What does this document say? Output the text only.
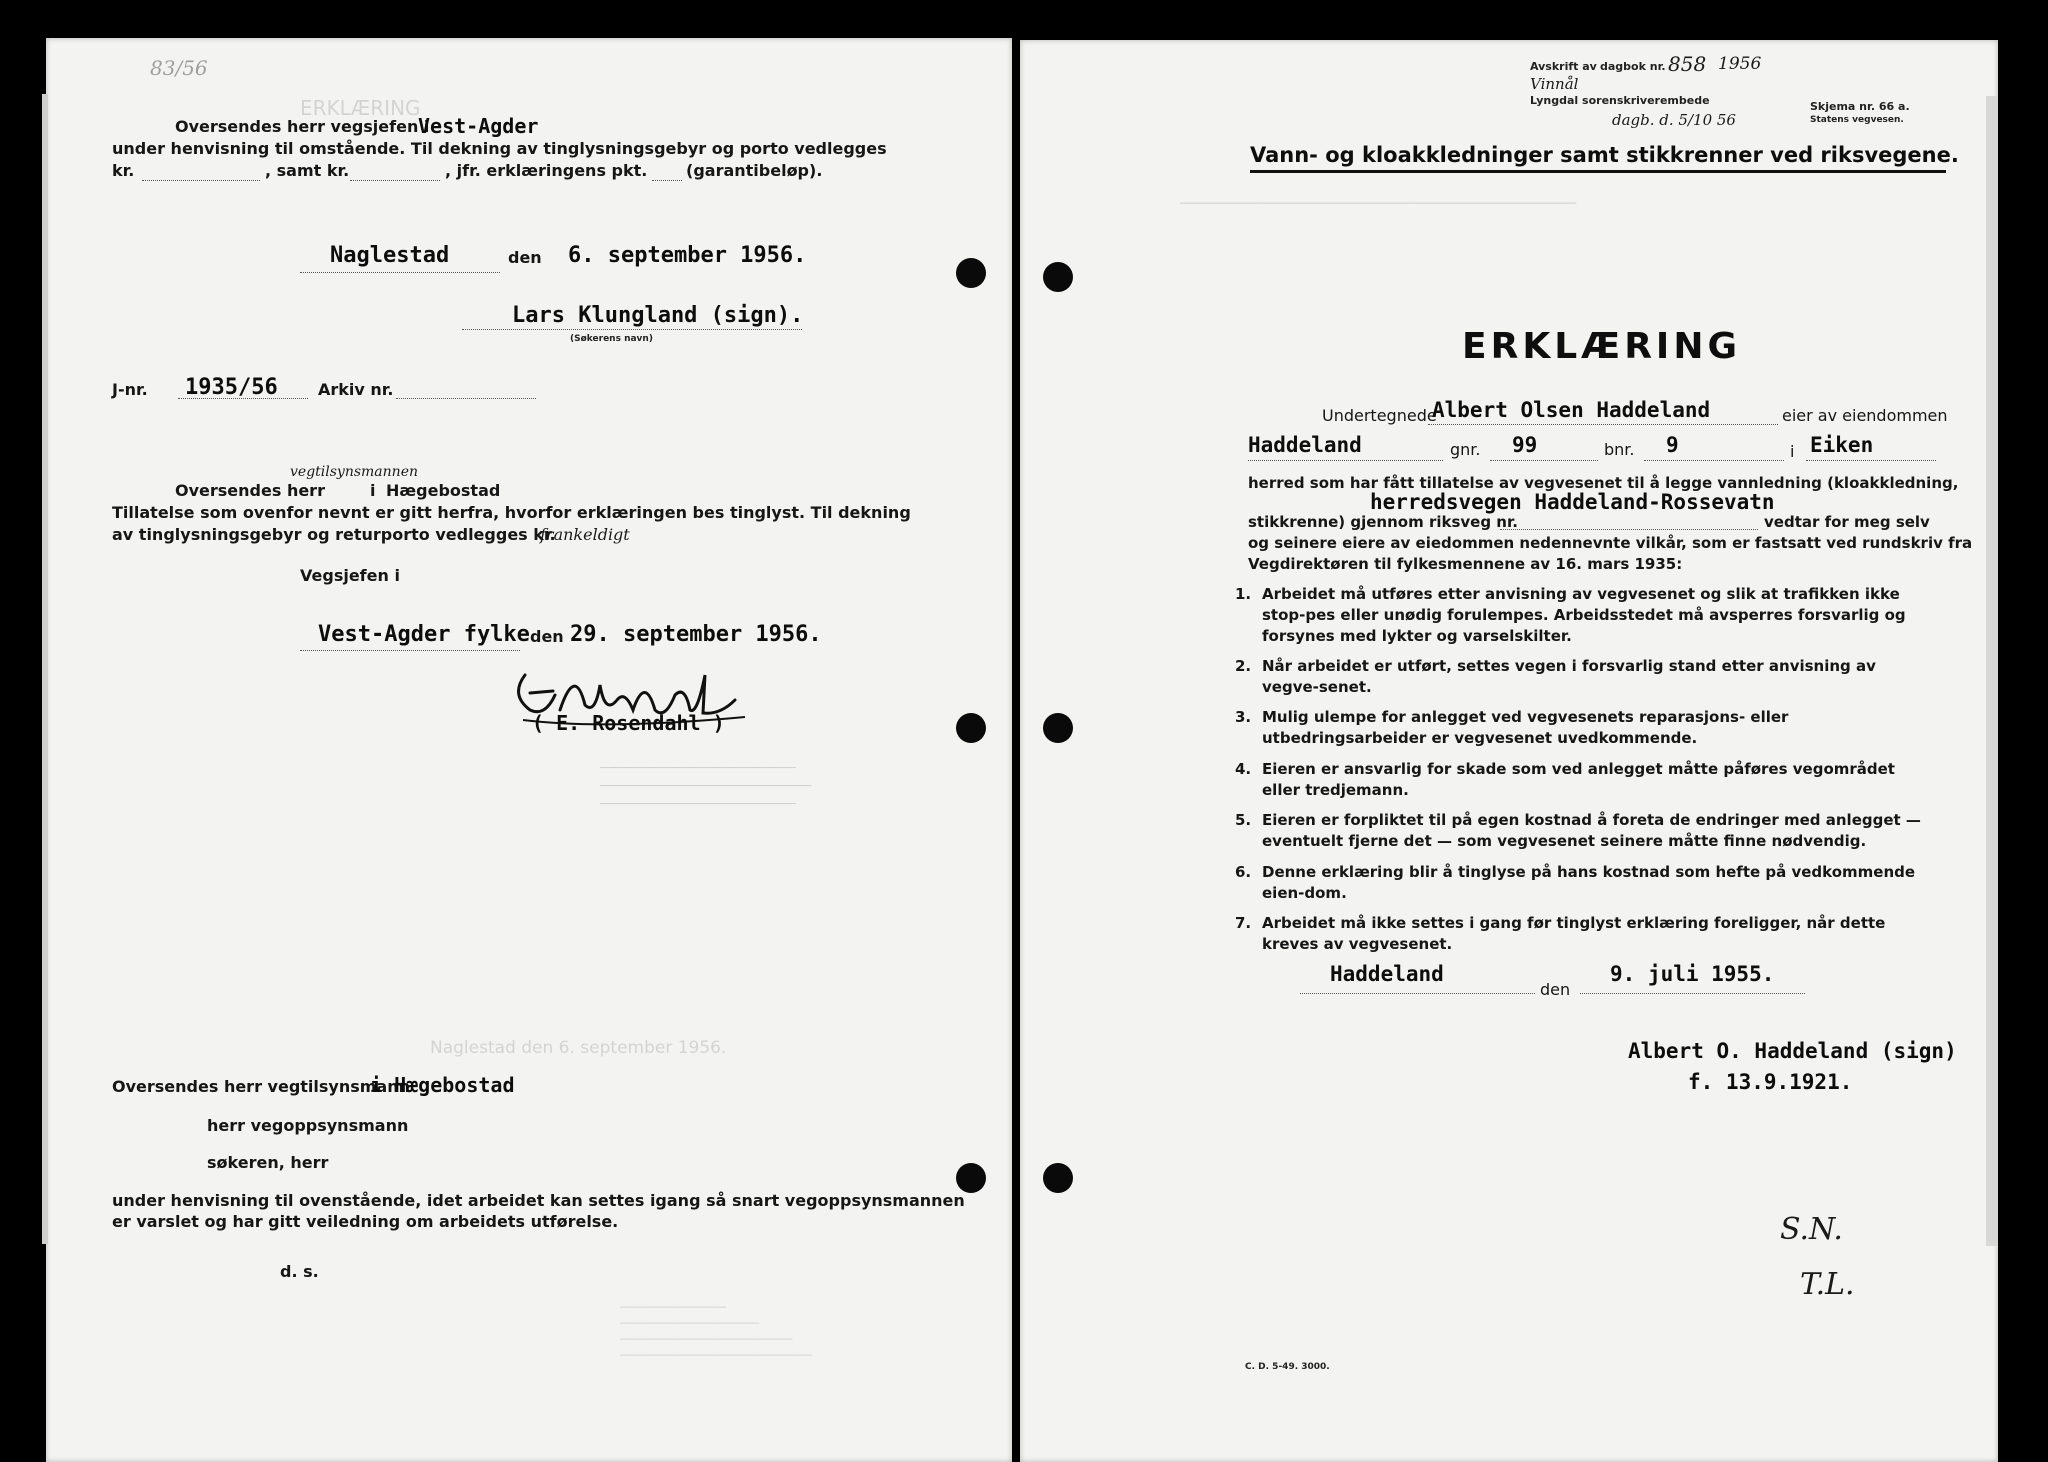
83/56
Oversendes herr vegsjefen i
Vest-Agder
under henvisning til omstående. Til dekning av tinglysningsgebyr og porto vedlegges
kr.	, samt kr.	, jfr. erklæringens pkt. (garantibeløp).
ERKLÆRING
Naglestad	den 6. september 1956.
Lars Klungland (sign).
(Søkerens navn)
J-nr. 1935/56	Arkiv nr.
vegtilsynsmannen
Oversendes herr	i Hægebostad
Tillatelse som ovenfor nevnt er gitt herfra, hvorfor erklæringen bes tinglyst. Til dekning
av tinglysningsgebyr og returporto vedlegges kr.
frankeldigt
Vegsjefen i
Vest-Agder fylke den 29. september 1956.
( E. Rosendahl )
─────────────────────────
───────────────────────────
─────────────────────────
Naglestad den 6. september 1956.
Oversendes herr vegtilsynsmann
i Hægebostad
herr vegoppsynsmann
søkeren, herr
under henvisning til ovenstående, idet arbeidet kan settes igang så snart vegoppsynsmannen
er varslet og har gitt veiledning om arbeidets utførelse.
d. s.
────────────────
─────────────────────
──────────────────────────
─────────────────────────────
Avskrift av dagbok nr. 858 1956
Vinnål
Lyngdal sorenskriverembede
dagb. d. 5/10 56
Skjema nr. 66 a.
Statens vegvesen.
Vann- og kloakkledninger samt stikkrenner ved riksvegene.
───────────────────────────────────────────────
ERKLÆRING
Undertegnede
Albert Olsen Haddeland	eier av eiendommen
Haddeland	gnr. 99	bnr. 9	i Eiken
herred som har fått tillatelse av vegvesenet til å legge vannledning (kloakkledning,
herredsvegen Haddeland-Rossevatn
stikkrenne) gjennom riksveg nr.	vedtar for meg selv
og seinere eiere av eiedommen nedennevnte vilkår, som er fastsatt ved rundskriv fra
Vegdirektøren til fylkesmennene av 16. mars 1935:
1. Arbeidet må utføres etter anvisning av vegvesenet og slik at trafikken ikke stop-pes eller unødig forulempes. Arbeidsstedet må avsperres forsvarlig og forsynes med lykter og varselskilter.
2. Når arbeidet er utført, settes vegen i forsvarlig stand etter anvisning av vegve-senet.
3. Mulig ulempe for anlegget ved vegvesenets reparasjons- eller utbedringsarbeider er vegvesenet uvedkommende.
4. Eieren er ansvarlig for skade som ved anlegget måtte påføres vegområdet eller tredjemann.
5. Eieren er forpliktet til på egen kostnad å foreta de endringer med anlegget — eventuelt fjerne det — som vegvesenet seinere måtte finne nødvendig.
6. Denne erklæring blir å tinglyse på hans kostnad som hefte på vedkommende eien-dom.
7. Arbeidet må ikke settes i gang før tinglyst erklæring foreligger, når dette kreves av vegvesenet.
Haddeland
den
9. juli 1955.
Albert O. Haddeland (sign)
f. 13.9.1921.
S.N.
T.L.
C. D. 5-49. 3000.
